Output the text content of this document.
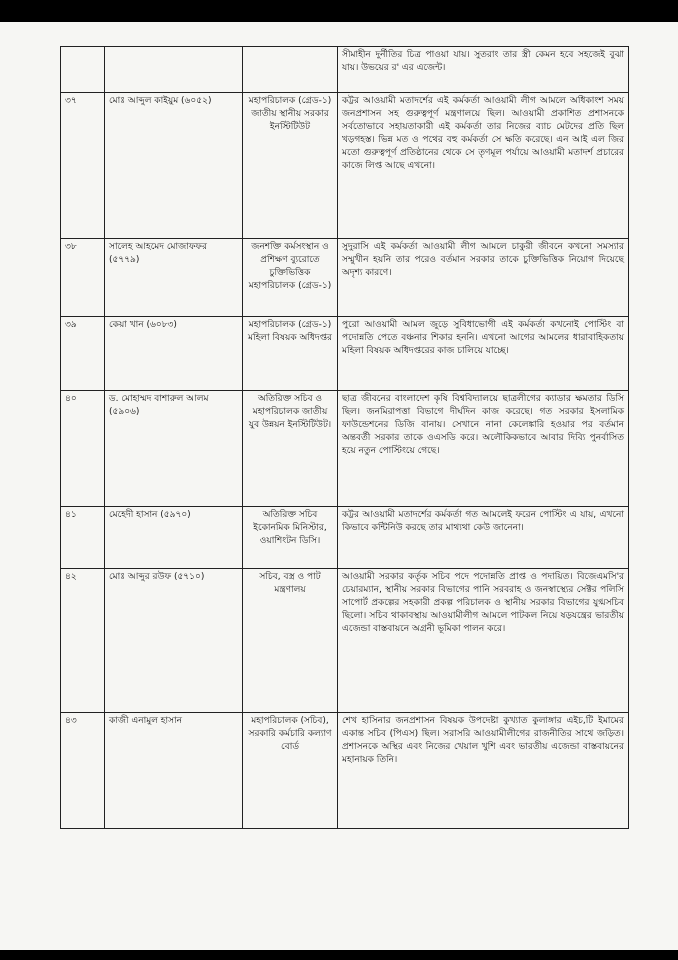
			সীমাহীন দুর্নীতির চিত্র পাওয়া যায়। সুতরাং তার স্ত্রী কেমন হবে সহজেই বুঝা যায়। উভয়ের র' এর এজেন্ট।
৩৭	মোঃ আব্দুল কাইয়ুম (৬০৫২)	মহাপরিচালক (গ্রেড-১) জাতীয় স্থানীয় সরকার ইনস্টিটিউট	কট্টর আওয়ামী মতাদর্শের এই কর্মকর্তা আওয়ামী লীগ আমলে অধিকাংশ সময় জনপ্রশাসন সহ গুরুত্বপূর্ণ মন্ত্রণালয়ে ছিল। আওয়ামী প্রকাশিত প্রশাসনকে সর্বতোভাবে সহায়তাকারী এই কর্মকর্তা তার নিজের ব্যাচ মেটদের প্রতি ছিল খড়গহস্ত। ভিন্ন মত ও পথের বহু কর্মকর্তা সে ক্ষতি করেছে। এন আই এল জির মতো গুরুত্বপূর্ণ প্রতিষ্ঠানের থেকে সে তৃণমূল পর্যায়ে আওয়ামী মতাদর্শ প্রচারের কাজে লিপ্ত আছে এখনো।
৩৮	সালেহ আহমেদ মোজাফফর (৫৭৭৯)	জনশক্তি কর্মসংস্থান ও প্রশিক্ষণ ব্যুরোতে চুক্তিভিত্তিক মহাপরিচালক (গ্রেড-১)	সুদুরাসি এই কর্মকর্তা আওয়ামী লীগ আমলে চাকুরী জীবনে কখনো সমস্যার সম্মুখীন হয়নি তার পরেও বর্তমান সরকার তাকে চুক্তিভিত্তিক নিয়োগ দিয়েছে অদৃশ্য কারণে।
৩৯	কেয়া খান (৬০৮৩)	মহাপরিচালক (গ্রেড-১) মহিলা বিষয়ক অধিদপ্তর	পুরো আওয়ামী আমল জুড়ে সুবিধাভোগী এই কর্মকর্তা কখনোই পোস্টিং বা পদোন্নতি পেতে বঞ্চনার শিকার হননি। এখনো আগের আমলের ধারাবাহিকতায় মহিলা বিষয়ক অধিদপ্তরের কাজ চালিয়ে যাচ্ছে।
৪০	ড. মোহাম্মদ বাশারুল আলম (৫৯০৬)	অতিরিক্ত সচিব ও মহাপরিচালক জাতীয় যুব উন্নয়ন ইনস্টিটিউট।	ছাত্র জীবনের বাংলাদেশ কৃষি বিশ্ববিদ্যালয়ে ছাত্রলীগের ক্যাডার ক্ষমতার ডিসি ছিল। জনমিরাপত্তা বিভাগে দীর্ঘদিন কাজ করেছে। গত সরকার ইসলামিক ফাউন্ডেশনের ডিজি বানায়। সেখানে নানা কেলেঙ্কারি হওয়ার পর বর্তমান অন্তবর্তী সরকার তাকে ওএসডি করে। অলৌকিকভাবে আবার দিব্যি পুনর্বাসিত হয়ে নতুন পোস্টিংয়ে গেছে।
৪১	মেহেদী হাসান (৫৯৭০)	অতিরিক্ত সচিব ইকোনমিক মিনিস্টার, ওয়াশিংটন ডিসি।	কট্টর আওয়ামী মতাদর্শের কর্মকর্তা গত আমলেই ফরেন পোস্টিং এ যায়, এখনো কিভাবে কন্টিনিউ করছে তার মাথ্যথা কেউ জানেনা।
৪২	মোঃ আব্দুর রউফ (৫৭১০)	সচিব, বস্ত্র ও পাট মন্ত্রণালয়	আওয়ামী সরকার কর্তৃক সচিব পদে পদোন্নতি প্রাপ্ত ও পদায়িত। বিজেএমসি'র চেয়ারম্যান, স্থানীয় সরকার বিভাগের পানি সরবরাহ ও জনস্বাস্থ্যের সেক্টর পলিসি সাপোর্ট প্রকল্পের সহকারী প্রকল্প পরিচালক ও স্থানীয় সরকার বিভাগের যুগ্মসচিব ছিলো। সচিব থাকাবস্থায় আওয়ামীলীগ আমলে পাটকল নিয়ে ষড়যন্ত্রের ভারতীয় এজেন্ডা বাস্তবায়নে অগ্রনী ভূমিকা পালন করে।
৪৩	কাজী এনামুল হাসান	মহাপরিচালক (সচিব), সরকারি কর্মচারি কল্যাণ বোর্ড	শেখ হাসিনার জনপ্রশাসন বিষয়ক উপদেষ্টা কুখ্যাত কুলাঙ্গার এইচ,টি ইমামের একান্ত সচিব (পিএস) ছিল। সরাসরি আওয়ামীলীগের রাজনীতির সাথে জড়িত। প্রশাসনকে অস্থির এবং নিজের খেয়াল খুশি এবং ভারতীয় এজেন্ডা বাস্তবায়নের মহানায়ক তিনি।
